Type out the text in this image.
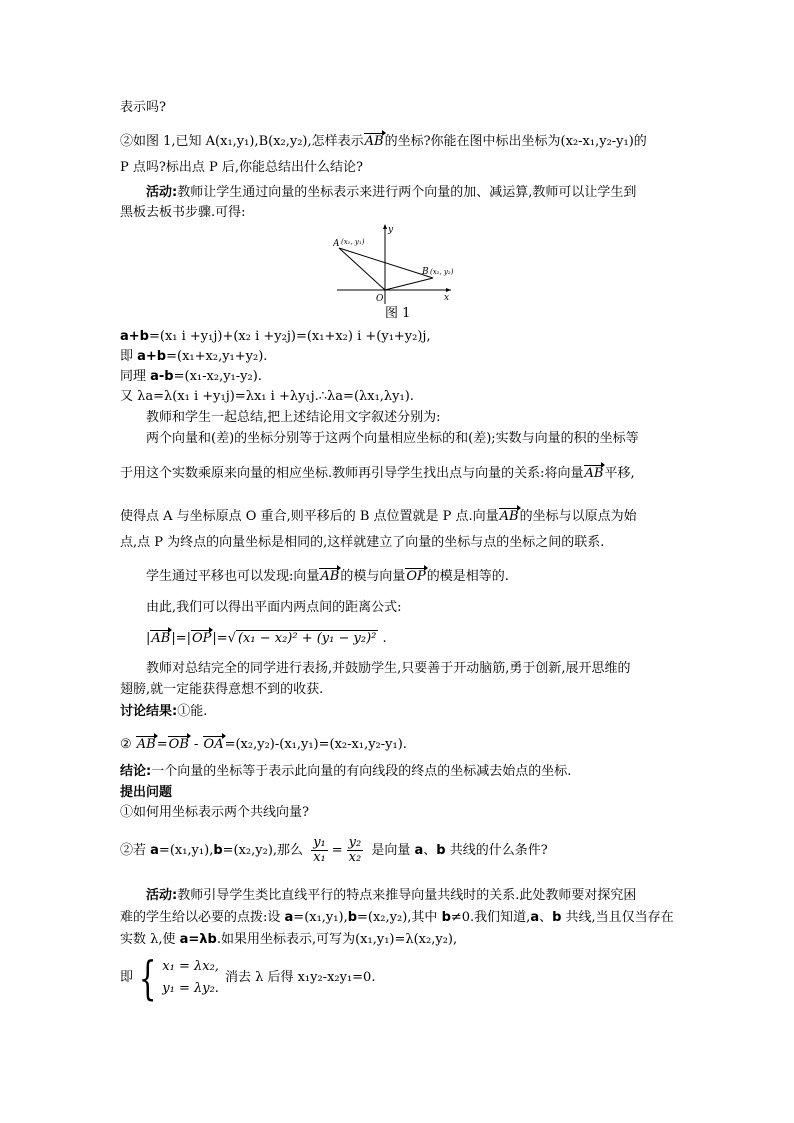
表示吗?
②如图 1,已知 A(x₁,y₁),B(x₂,y₂),怎样表示AB的坐标?你能在图中标出坐标为(x₂-x₁,y₂-y₁)的
P 点吗?标出点 P 后,你能总结出什么结论?
活动:教师让学生通过向量的坐标表示来进行两个向量的加、减运算,教师可以让学生到
黑板去板书步骤.可得:
y
x
O
A (x₁, y₁)
B (x₂, y₂)
图 1
a+b=(x₁ i +y₁j)+(x₂ i +y₂j)=(x₁+x₂) i +(y₁+y₂)j,
即 a+b=(x₁+x₂,y₁+y₂).
同理 a-b=(x₁-x₂,y₁-y₂).
又 λa=λ(x₁ i +y₁j)=λx₁ i +λy₁j.∴λa=(λx₁,λy₁).
教师和学生一起总结,把上述结论用文字叙述分别为:
两个向量和(差)的坐标分别等于这两个向量相应坐标的和(差);实数与向量的积的坐标等
于用这个实数乘原来向量的相应坐标.教师再引导学生找出点与向量的关系:将向量AB平移,
使得点 A 与坐标原点 O 重合,则平移后的 B 点位置就是 P 点.向量AB的坐标与以原点为始
点,点 P 为终点的向量坐标是相同的,这样就建立了向量的坐标与点的坐标之间的联系.
学生通过平移也可以发现:向量AB的模与向量OP的模是相等的.
由此,我们可以得出平面内两点间的距离公式:
|AB|=|OP|=√ (x₁ − x₂)² + (y₁ − y₂)² .
教师对总结完全的同学进行表扬,并鼓励学生,只要善于开动脑筋,勇于创新,展开思维的
翅膀,就一定能获得意想不到的收获.
讨论结果:①能.
② AB=OB - OA=(x₂,y₂)-(x₁,y₁)=(x₂-x₁,y₂-y₁).
结论:一个向量的坐标等于表示此向量的有向线段的终点的坐标减去始点的坐标.
提出问题
①如何用坐标表示两个共线向量?
②若 a=(x₁,y₁),b=(x₂,y₂),那么 $\frac{\text{y₁}}{\text{x₁}} = \frac{\text{y₂}}{\text{x₂}}$ 是向量 a、b 共线的什么条件?
活动:教师引导学生类比直线平行的特点来推导向量共线时的关系.此处教师要对探究困
难的学生给以必要的点拨:设 a=(x₁,y₁),b=(x₂,y₂),其中 b≠0.我们知道,a、b 共线,当且仅当存在
实数 λ,使 a=λb.如果用坐标表示,可写为(x₁,y₁)=λ(x₂,y₂),
即 { x₁ = λx₂,
y₁ = λy₂.
消去 λ 后得 x₁y₂-x₂y₁=0.
